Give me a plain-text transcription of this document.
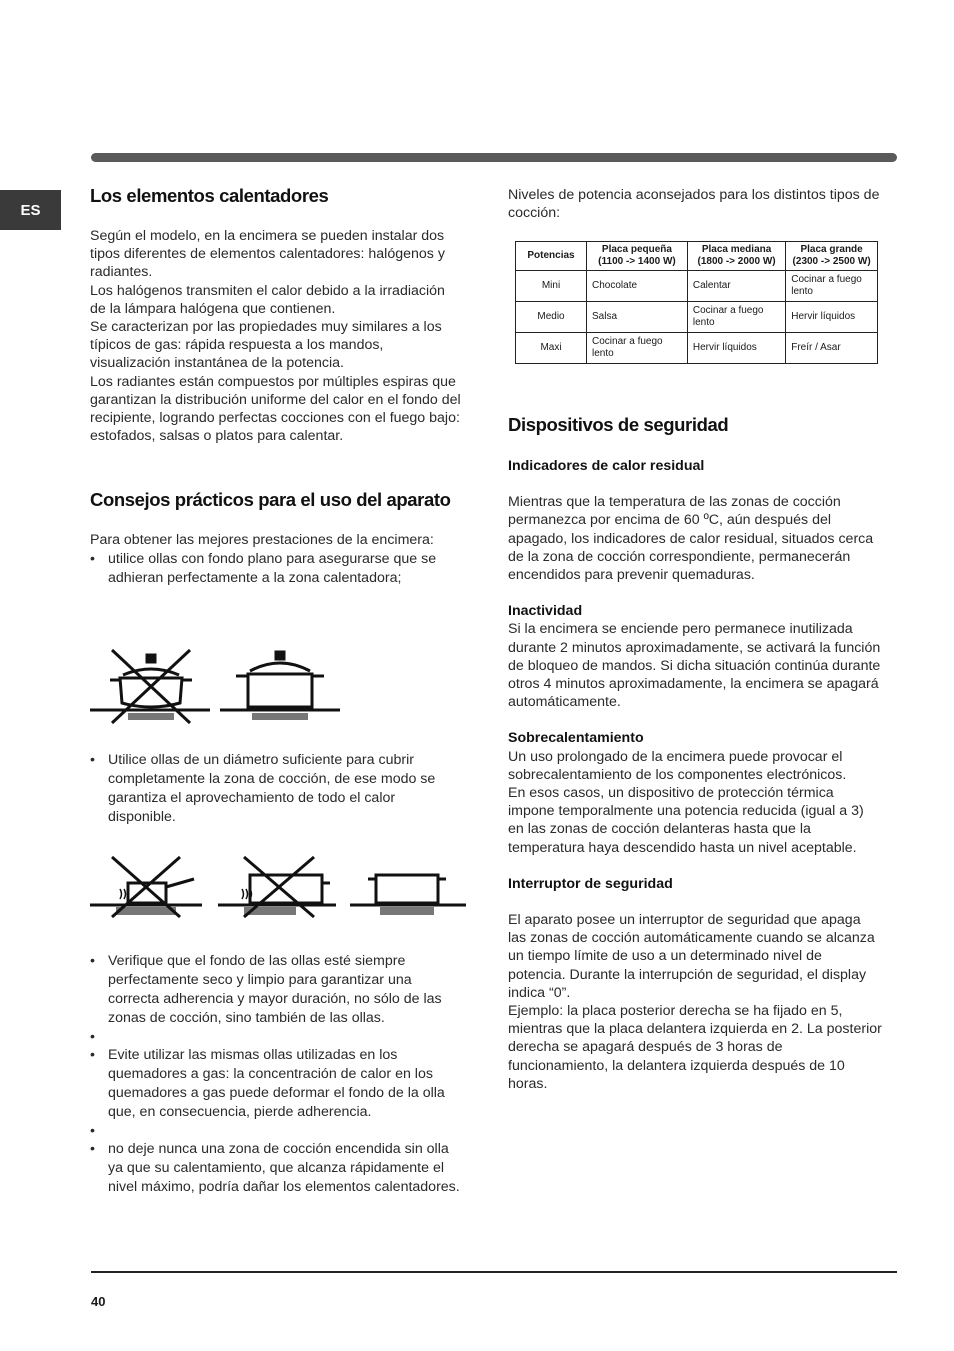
ES
Los elementos calentadores

Según el modelo, en la encimera se pueden instalar dos tipos diferentes de elementos calentadores: halógenos y radiantes.

Los halógenos transmiten el calor debido a la irradiación de la lámpara halógena que contienen.

Se caracterizan por las propiedades muy similares a los típicos de gas: rápida respuesta a los mandos, visualización instantánea de la potencia.

Los radiantes están compuestos por múltiples espiras que garantizan la distribución uniforme del calor en el fondo del recipiente, logrando perfectas cocciones con el fuego bajo: estofados, salsas o platos para calentar.

Consejos prácticos para el uso del aparato

Para obtener las mejores prestaciones de la encimera:

• utilice ollas con fondo plano para asegurarse que se adhieran perfectamente a la zona calentadora;
• Utilice ollas de un diámetro suficiente para cubrir completamente la zona de cocción, de ese modo se garantiza el aprovechamiento de todo el calor disponible.
• Verifique que el fondo de las ollas esté siempre perfectamente seco y limpio para garantizar una correcta adherencia y mayor duración, no sólo de las zonas de cocción, sino también de las ollas.
•
• Evite utilizar las mismas ollas utilizadas en los quemadores a gas: la concentración de calor en los quemadores a gas puede deformar el fondo de la olla que, en consecuencia, pierde adherencia.
•
• no deje nunca una zona de cocción encendida sin olla ya que su calentamiento, que alcanza rápidamente el nivel máximo, podría dañar los elementos calentadores.

Niveles de potencia aconsejados para los distintos tipos de cocción:

Potencias	Placa pequeña (1100 -> 1400 W)	Placa mediana (1800 -> 2000 W)	Placa grande (2300 -> 2500 W)
Mini	Chocolate	Calentar	Cocinar a fuego lento
Medio	Salsa	Cocinar a fuego lento	Hervir líquidos
Maxi	Cocinar a fuego lento	Hervir líquidos	Freír / Asar
Dispositivos de seguridad

Indicadores de calor residual

Mientras que la temperatura de las zonas de cocción permanezca por encima de 60 ºC, aún después del apagado, los indicadores de calor residual, situados cerca de la zona de cocción correspondiente, permanecerán encendidos para prevenir quemaduras.

Inactividad

Si la encimera se enciende pero permanece inutilizada durante 2 minutos aproximadamente, se activará la función de bloqueo de mandos. Si dicha situación continúa durante otros 4 minutos aproximadamente, la encimera se apagará automáticamente.

Sobrecalentamiento

Un uso prolongado de la encimera puede provocar el sobrecalentamiento de los componentes electrónicos.

En esos casos, un dispositivo de protección térmica impone temporalmente una potencia reducida (igual a 3) en las zonas de cocción delanteras hasta que la temperatura haya descendido hasta un nivel aceptable.

Interruptor de seguridad

El aparato posee un interruptor de seguridad que apaga las zonas de cocción automáticamente cuando se alcanza un tiempo límite de uso a un determinado nivel de potencia. Durante la interrupción de seguridad, el display indica “0”.

Ejemplo: la placa posterior derecha se ha fijado en 5, mientras que la placa delantera izquierda en 2. La posterior derecha se apagará después de 3 horas de funcionamiento, la delantera izquierda después de 10 horas.

40
